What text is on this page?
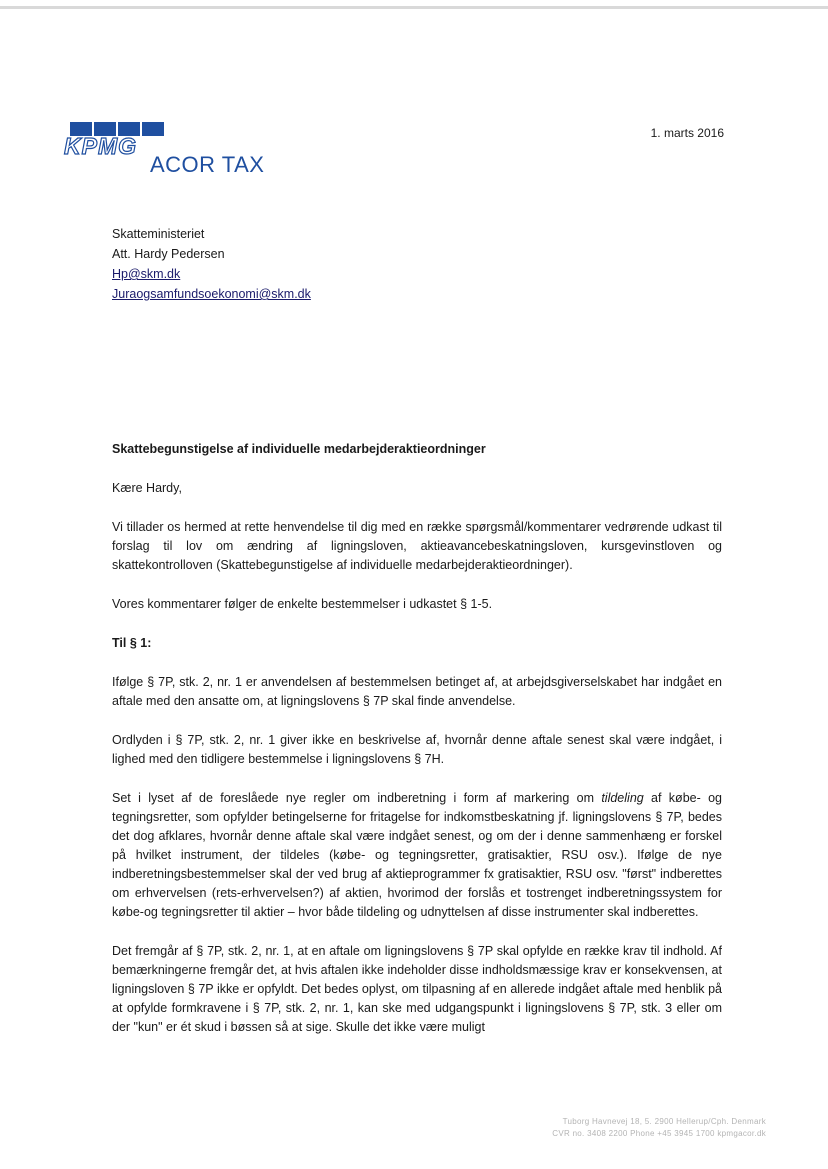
KPMG
ACOR TAX
1. marts 2016
Skatteministeriet
Att. Hardy Pedersen
Hp@skm.dk
Juraogsamfundsoekonomi@skm.dk

Skattebegunstigelse af individuelle medarbejderaktieordninger

Kære Hardy,

Vi tillader os hermed at rette henvendelse til dig med en række spørgsmål/kommentarer vedrørende udkast til forslag til lov om ændring af ligningsloven, aktieavancebeskatningsloven, kursgevinstloven og skattekontrolloven (Skattebegunstigelse af individuelle medarbejderaktieordninger).

Vores kommentarer følger de enkelte bestemmelser i udkastet § 1-5.

Til § 1:

Ifølge § 7P, stk. 2, nr. 1 er anvendelsen af bestemmelsen betinget af, at arbejdsgiverselskabet har indgået en aftale med den ansatte om, at ligningslovens § 7P skal finde anvendelse.

Ordlyden i § 7P, stk. 2, nr. 1 giver ikke en beskrivelse af, hvornår denne aftale senest skal være indgået, i lighed med den tidligere bestemmelse i ligningslovens § 7H.

Set i lyset af de foreslåede nye regler om indberetning i form af markering om tildeling af købe- og tegningsretter, som opfylder betingelserne for fritagelse for indkomstbeskatning jf. ligningslovens § 7P, bedes det dog afklares, hvornår denne aftale skal være indgået senest, og om der i denne sammenhæng er forskel på hvilket instrument, der tildeles (købe- og tegningsretter, gratisaktier, RSU osv.). Ifølge de nye indberetningsbestemmelser skal der ved brug af aktieprogrammer fx gratisaktier, RSU osv. "først" indberettes om erhvervelsen (rets-erhvervelsen?) af aktien, hvorimod der forslås et tostrenget indberetningssystem for købe-og tegningsretter til aktier – hvor både tildeling og udnyttelsen af disse instrumenter skal indberettes.

Det fremgår af § 7P, stk. 2, nr. 1, at en aftale om ligningslovens § 7P skal opfylde en række krav til indhold. Af bemærkningerne fremgår det, at hvis aftalen ikke indeholder disse indholdsmæssige krav er konsekvensen, at ligningsloven § 7P ikke er opfyldt. Det bedes oplyst, om tilpasning af en allerede indgået aftale med henblik på at opfylde formkravene i § 7P, stk. 2, nr. 1, kan ske med udgangspunkt i ligningslovens § 7P, stk. 3 eller om der "kun" er ét skud i bøssen så at sige. Skulle det ikke være muligt

Tuborg Havnevej 18, 5. 2900 Hellerup/Cph. Denmark
CVR no. 3408 2200 Phone +45 3945 1700 kpmgacor.dk
